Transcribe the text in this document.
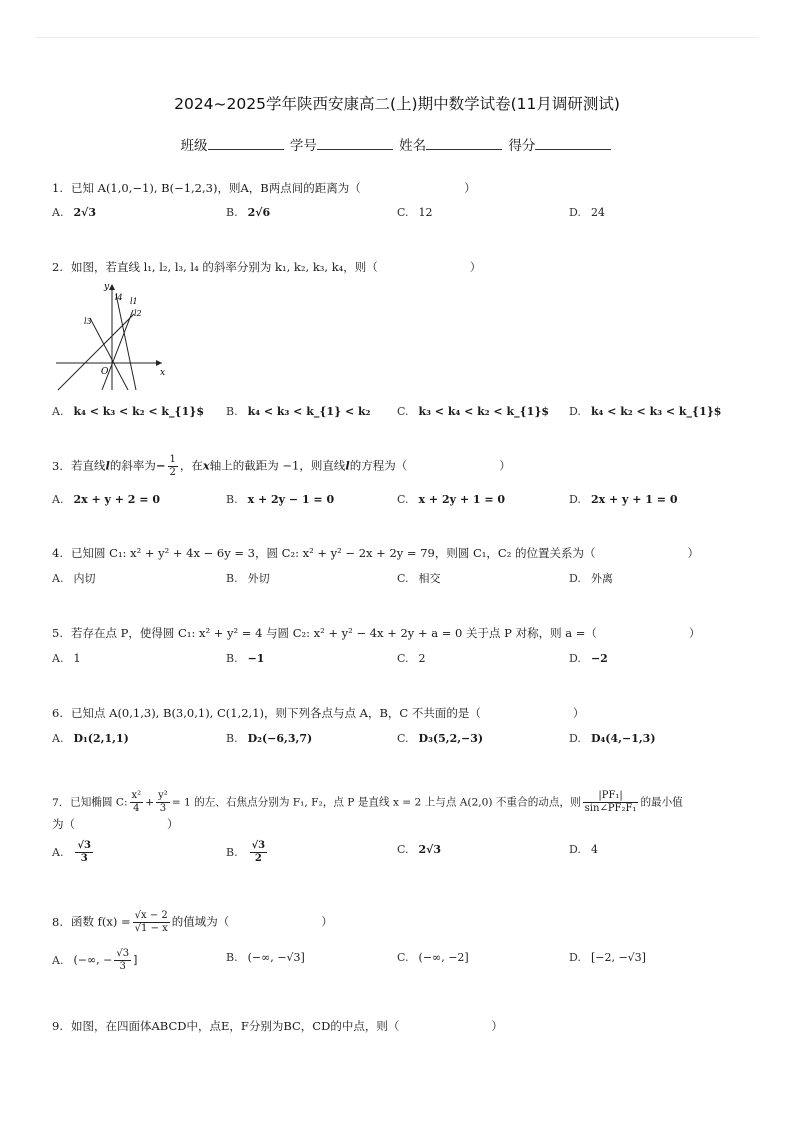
2024~2025学年陕西安康高二(上)期中数学试卷(11月调研测试)
班级	学号	姓名	得分
1. 已知 A(1,0,−1), B(−1,2,3)，则A，B两点间的距离为（　　　　　　　　　）
A. 2√3	B. 2√6	C. 12	D. 24
2. 如图，若直线 l₁, l₂, l₃, l₄ 的斜率分别为 k₁, k₂, k₃, k₄，则（　　　　　　　　）
y
x
O
l1
l2
l3
l4
A. k₄ < k₃ < k₂ < k_{1}$ B. k₄ < k₃ < k_{1} < k₂ C. k₃ < k₄ < k₂ < k_{1}$ D. k₄ < k₂ < k₃ < k_{1}$
3. 若直线l的斜率为− $\frac{1}{2}$ ，在x轴上的截距为 −1，则直线l的方程为（　　　　　　　　）
A. 2x + y + 2 = 0	B. x + 2y − 1 = 0	C. x + 2y + 1 = 0	D. 2x + y + 1 = 0
4. 已知圆 C₁: x² + y² + 4x − 6y = 3，圆 C₂: x² + y² − 2x + 2y = 79，则圆 C₁，C₂ 的位置关系为（　　　　　　　　）
A. 内切	B. 外切	C. 相交	D. 外离
5. 若存在点 P，使得圆 C₁: x² + y² = 4 与圆 C₂: x² + y² − 4x + 2y + a = 0 关于点 P 对称，则 a =（　　　　　　　　）
A. 1	B. −1	C. 2	D. −2
6. 已知点 A(0,1,3), B(3,0,1), C(1,2,1)，则下列各点与点 A，B，C 不共面的是（　　　　　　　　）
A. D₁(2,1,1)	B. D₂(−6,3,7)	C. D₃(5,2,−3)	D. D₄(4,−1,3)
7. 已知椭圆 C: $\frac{\text{x²}}{4} + \frac{\text{y²}}{3} = 1$ 的左、右焦点分别为 F₁, F₂，点 P 是直线 x = 2 上与点 A(2,0) 不重合的动点，则 $\frac{\text{|PF₁|}}{\text{sin∠PF₂F₁}}$ 的最小值
为（　　　　　　　　）
A. $\frac{√3}{3}$	B. $\frac{√3}{2}$	C. 2√3	D. 4
8. 函数 $f(x) = \frac{√x - 2}{√1 - x}$ 的值域为（　　　　　　　　）
A. (−∞, − $\frac{√3}{3}$ ]	B. (−∞, −√3]	C. (−∞, −2]	D. [−2, −√3]
9. 如图，在四面体ABCD中，点E，F分别为BC，CD的中点，则（　　　　　　　　）
